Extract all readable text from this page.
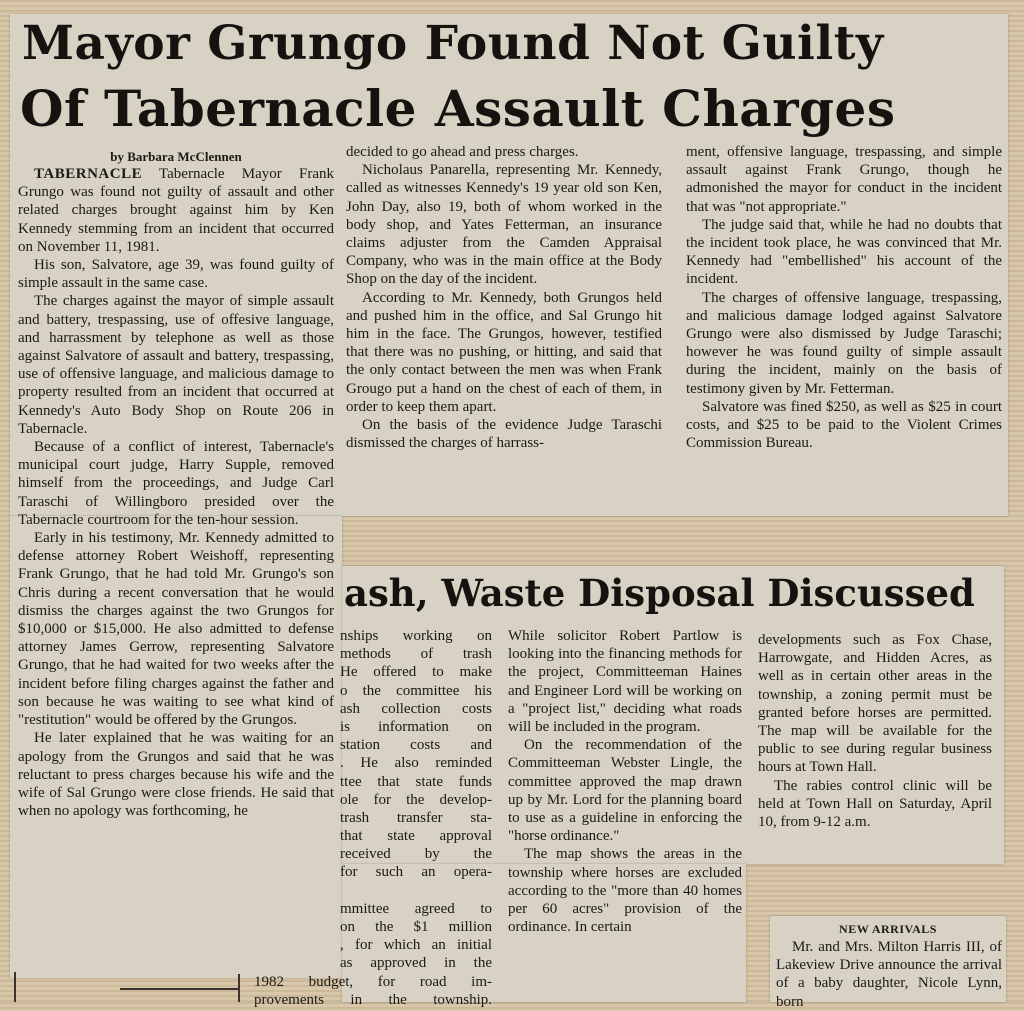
Mayor Grungo Found Not Guilty
Of Tabernacle Assault Charges

by Barbara McClennen

TABERNACLE Tabernacle Mayor Frank Grungo was found not guilty of assault and other related charges brought against him by Ken Kennedy stemming from an incident that occurred on November 11, 1981.

His son, Salvatore, age 39, was found guilty of simple assault in the same case.

The charges against the mayor of simple assault and battery, trespassing, use of offesive language, and harrassment by telephone as well as those against Salvatore of assault and battery, trespassing, use of offensive language, and malicious damage to property resulted from an incident that occurred at Kennedy's Auto Body Shop on Route 206 in Tabernacle.

Because of a conflict of interest, Tabernacle's municipal court judge, Harry Supple, removed himself from the proceedings, and Judge Carl Taraschi of Willingboro presided over the Tabernacle courtroom for the ten-hour session.

Early in his testimony, Mr. Kennedy admitted to defense attorney Robert Weishoff, representing Frank Grungo, that he had told Mr. Grungo's son Chris during a recent conversation that he would dismiss the charges against the two Grungos for $10,000 or $15,000. He also admitted to defense attorney James Gerrow, representing Salvatore Grungo, that he had waited for two weeks after the incident before filing charges against the father and son because he was waiting to see what kind of "restitution" would be offered by the Grungos.

He later explained that he was waiting for an apology from the Grungos and said that he was reluctant to press charges because his wife and the wife of Sal Grungo were close friends. He said that when no apology was forthcoming, he

decided to go ahead and press charges.

Nicholaus Panarella, representing Mr. Kennedy, called as witnesses Kennedy's 19 year old son Ken, John Day, also 19, both of whom worked in the body shop, and Yates Fetterman, an insurance claims adjuster from the Camden Appraisal Company, who was in the main office at the Body Shop on the day of the incident.

According to Mr. Kennedy, both Grungos held and pushed him in the office, and Sal Grungo hit him in the face. The Grungos, however, testified that there was no pushing, or hitting, and said that the only contact between the men was when Frank Grougo put a hand on the chest of each of them, in order to keep them apart.

On the basis of the evidence Judge Taraschi dismissed the charges of harrass-

ment, offensive language, trespassing, and simple assault against Frank Grungo, though he admonished the mayor for conduct in the incident that was "not appropriate."

The judge said that, while he had no doubts that the incident took place, he was convinced that Mr. Kennedy had "embellished" his account of the incident.

The charges of offensive language, trespassing, and malicious damage lodged against Salvatore Grungo were also dismissed by Judge Taraschi; however he was found guilty of simple assault during the incident, mainly on the basis of testimony given by Mr. Fetterman.

Salvatore was fined $250, as well as $25 in court costs, and $25 to be paid to the Violent Crimes Commission Bureau.

ash, Waste Disposal Discussed
nships working on
methods of trash
He offered to make
o the committee his
ash collection costs
is information on
station costs and
. He also reminded
ttee that state funds
ole for the develop-
trash transfer sta-
that state approval
received by the
for such an opera-
mmittee agreed to
on the $1 million
, for which an initial
as approved in the
1982 budget, for road im-
provements in the township.

While solicitor Robert Partlow is looking into the financing methods for the project, Committeeman Haines and Engineer Lord will be working on a "project list," deciding what roads will be included in the program.

On the recommendation of the Committeeman Webster Lingle, the committee approved the map drawn up by Mr. Lord for the planning board to use as a guideline in enforcing the "horse ordinance."

The map shows the areas in the township where horses are excluded according to the "more than 40 homes per 60 acres" provision of the ordinance. In certain

developments such as Fox Chase, Harrowgate, and Hidden Acres, as well as in certain other areas in the township, a zoning permit must be granted before horses are permitted. The map will be available for the public to see during regular business hours at Town Hall.

The rabies control clinic will be held at Town Hall on Saturday, April 10, from 9-12 a.m.

NEW ARRIVALS

Mr. and Mrs. Milton Harris III, of Lakeview Drive announce the arrival of a baby daughter, Nicole Lynn, born
